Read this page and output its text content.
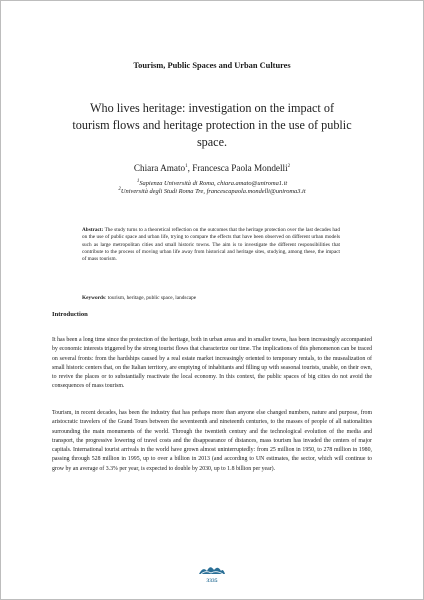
Tourism, Public Spaces and Urban Cultures
Who lives heritage: investigation on the impact of tourism flows and heritage protection in the use of public space.
Chiara Amato$^1$, Francesca Paola Mondelli$^2$
$^1$Sapienza Università di Roma, chiara.amato@uniroma1.it
$^2$Università degli Studi Roma Tre, francescapaola.mondelli@uniroma3.it
Abstract: The study turns to a theoretical reflection on the outcomes that the heritage protection over the last decades had on the use of public space and urban life, trying to compare the effects that have been observed on different urban models such as large metropolitan cities and small historic towns. The aim is to investigate the different responsibilities that contribute to the process of moving urban life away from historical and heritage sites, studying, among these, the impact of mass tourism.
Keywords: tourism, heritage, public space, landscape
Introduction
It has been a long time since the protection of the heritage, both in urban areas and in smaller towns, has been increasingly accompanied by economic interests triggered by the strong tourist flows that characterize our time. The implications of this phenomenon can be traced on several fronts: from the hardships caused by a real estate market increasingly oriented to temporary rentals, to the musealization of small historic centers that, on the Italian territory, are emptying of inhabitants and filling up with seasonal tourists, unable, on their own, to revive the places or to substantially reactivate the local economy. In this context, the public spaces of big cities do not avoid the consequences of mass tourism.
Tourism, in recent decades, has been the industry that has perhaps more than anyone else changed numbers, nature and purpose, from aristocratic travelers of the Grand Tours between the seventeenth and nineteenth centuries, to the masses of people of all nationalities surrounding the main monuments of the world. Through the twentieth century and the technological evolution of the media and transport, the progressive lowering of travel costs and the disappearance of distances, mass tourism has invaded the centers of major capitals. International tourist arrivals in the world have grown almost uninterruptedly: from 25 million in 1950, to 278 million in 1980, passing through 528 million in 1995, up to over a billion in 2013 (and according to UN estimates, the sector, which will continue to grow by an average of 3.3% per year, is expected to double by 2030, up to 1.8 billion per year).
3335
